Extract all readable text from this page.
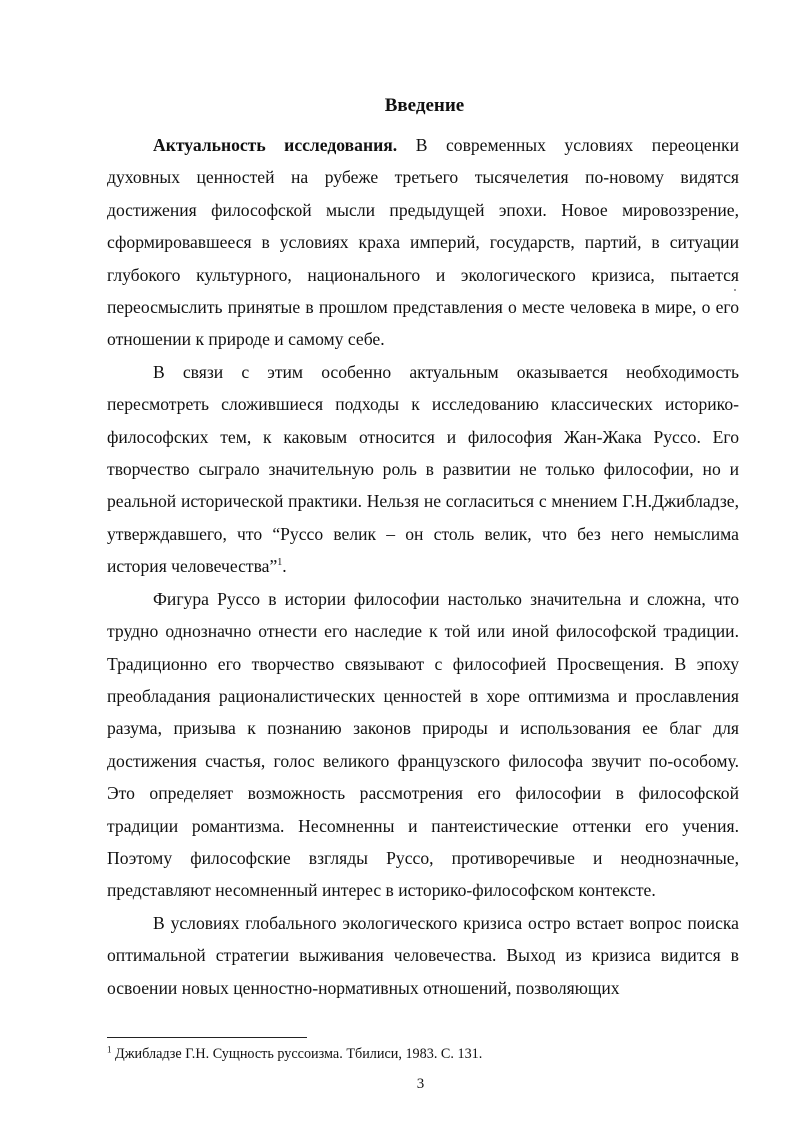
Введение

Актуальность исследования. В современных условиях переоценки духовных ценностей на рубеже третьего тысячелетия по-новому видятся достижения философской мысли предыдущей эпохи. Новое мировоззрение, сформировавшееся в условиях краха империй, государств, партий, в ситуации глубокого культурного, национального и экологического кризиса, пытается переосмыслить принятые в прошлом представления о месте человека в мире, о его отношении к природе и самому себе.

В связи с этим особенно актуальным оказывается необходимость пересмотреть сложившиеся подходы к исследованию классических историко-философских тем, к каковым относится и философия Жан-Жака Руссо. Его творчество сыграло значительную роль в развитии не только философии, но и реальной исторической практики. Нельзя не согласиться с мнением Г.Н.Джибладзе, утверждавшего, что “Руссо велик – он столь велик, что без него немыслима история человечества”$^1$.

Фигура Руссо в истории философии настолько значительна и сложна, что трудно однозначно отнести его наследие к той или иной философской традиции. Традиционно его творчество связывают с философией Просвещения. В эпоху преобладания рационалистических ценностей в хоре оптимизма и прославления разума, призыва к познанию законов природы и использования ее благ для достижения счастья, голос великого французского философа звучит по-особому. Это определяет возможность рассмотрения его философии в философской традиции романтизма. Несомненны и пантеистические оттенки его учения. Поэтому философские взгляды Руссо, противоречивые и неоднозначные, представляют несомненный интерес в историко-философском контексте.

В условиях глобального экологического кризиса остро встает вопрос поиска оптимальной стратегии выживания человечества. Выход из кризиса видится в освоении новых ценностно-нормативных отношений, позволяющих

$^1$ Джибладзе Г.Н. Сущность руссоизма. Тбилиси, 1983. С. 131.
3
